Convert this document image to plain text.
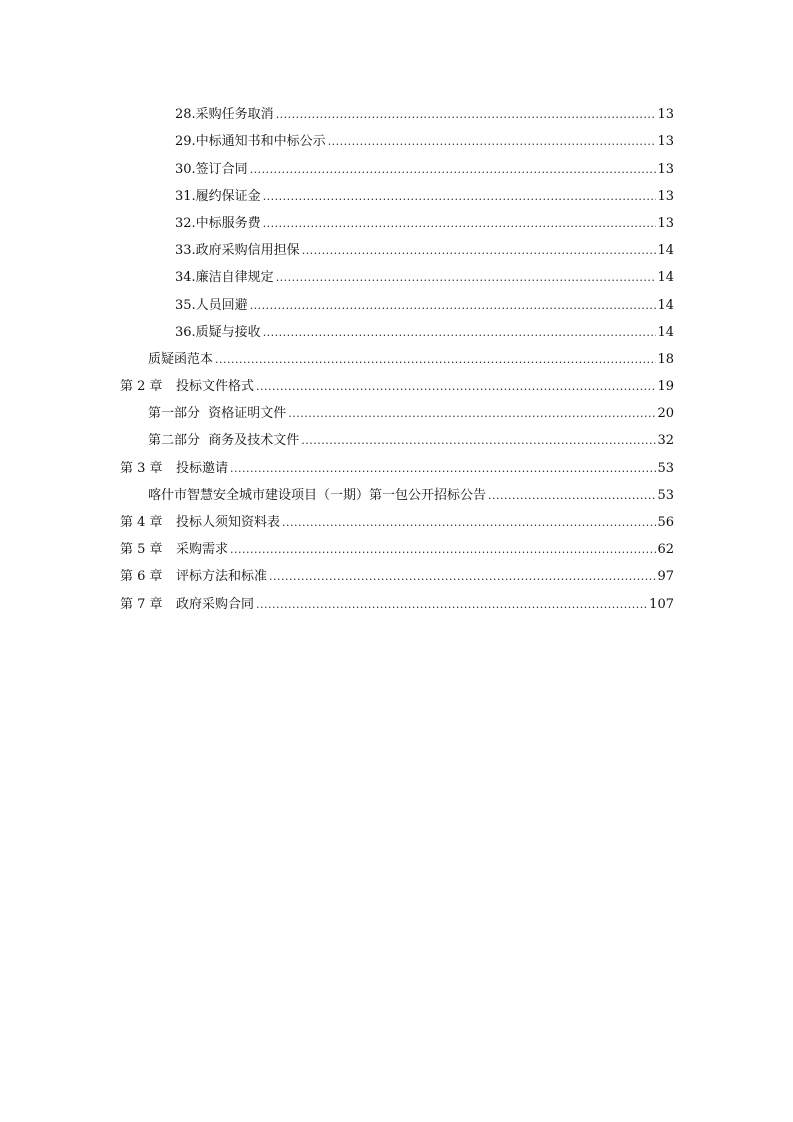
28.采购任务取消 .....	13
29.中标通知书和中标公示 .....	13
30.签订合同 .....	13
31.履约保证金 .....	13
32.中标服务费 .....	13
33.政府采购信用担保 .....	14
34.廉洁自律规定 .....	14
35.人员回避 .....	14
36.质疑与接收 .....	14
质疑函范本 .....	18
第 2 章 投标文件格式 .....	19
第一部分  资格证明文件 .....	20
第二部分  商务及技术文件 .....	32
第 3 章 投标邀请 .....	53
喀什市智慧安全城市建设项目（一期）第一包公开招标公告 .....	53
第 4 章 投标人须知资料表 .....	56
第 5 章 采购需求 .....	62
第 6 章 评标方法和标准 .....	97
第 7 章 政府采购合同 .....	107
